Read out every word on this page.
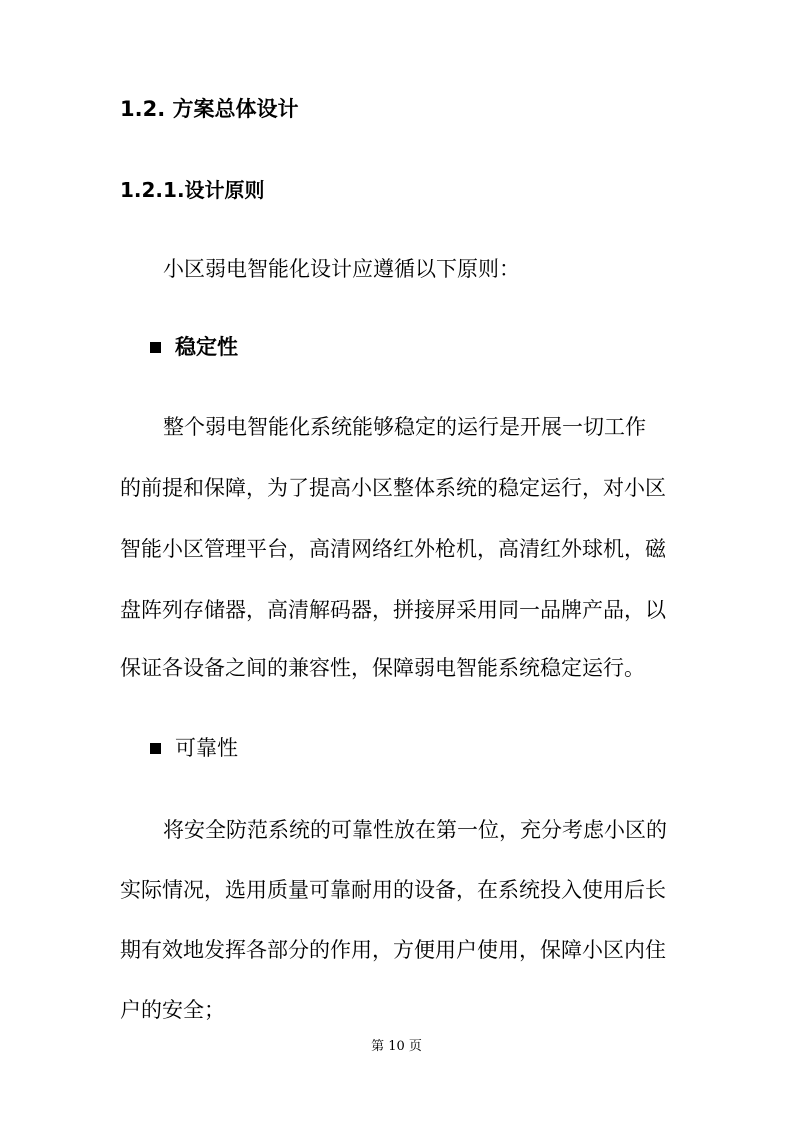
1.2. 方案总体设计
1.2.1.设计原则
小区弱电智能化设计应遵循以下原则：
稳定性
整个弱电智能化系统能够稳定的运行是开展一切工作
的前提和保障，为了提高小区整体系统的稳定运行，对小区
智能小区管理平台，高清网络红外枪机，高清红外球机，磁
盘阵列存储器，高清解码器，拼接屏采用同一品牌产品，以
保证各设备之间的兼容性，保障弱电智能系统稳定运行。
可靠性
将安全防范系统的可靠性放在第一位，充分考虑小区的
实际情况，选用质量可靠耐用的设备，在系统投入使用后长
期有效地发挥各部分的作用，方便用户使用，保障小区内住
户的安全；
第 10 页
